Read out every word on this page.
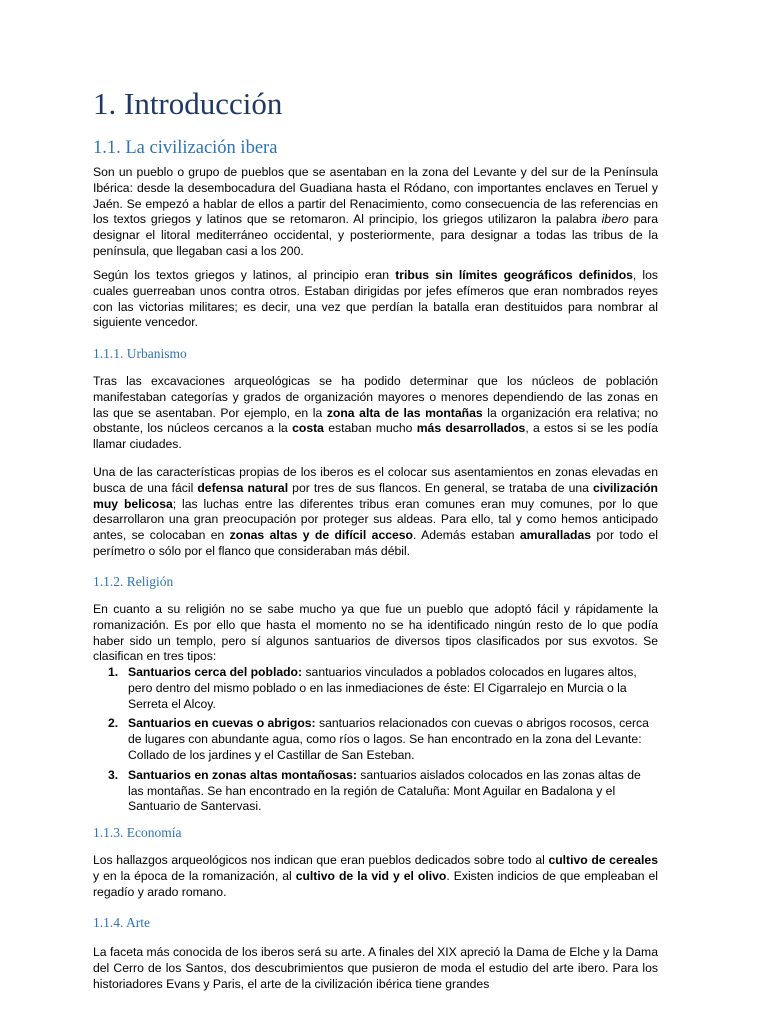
1. Introducción
1.1. La civilización ibera

Son un pueblo o grupo de pueblos que se asentaban en la zona del Levante y del sur de la Península Ibérica: desde la desembocadura del Guadiana hasta el Ródano, con importantes enclaves en Teruel y Jaén. Se empezó a hablar de ellos a partir del Renacimiento, como consecuencia de las referencias en los textos griegos y latinos que se retomaron. Al principio, los griegos utilizaron la palabra ibero para designar el litoral mediterráneo occidental, y posteriormente, para designar a todas las tribus de la península, que llegaban casi a los 200.

Según los textos griegos y latinos, al principio eran tribus sin límites geográficos definidos, los cuales guerreaban unos contra otros. Estaban dirigidas por jefes efímeros que eran nombrados reyes con las victorias militares; es decir, una vez que perdían la batalla eran destituidos para nombrar al siguiente vencedor.

1.1.1. Urbanismo

Tras las excavaciones arqueológicas se ha podido determinar que los núcleos de población manifestaban categorías y grados de organización mayores o menores dependiendo de las zonas en las que se asentaban. Por ejemplo, en la zona alta de las montañas la organización era relativa; no obstante, los núcleos cercanos a la costa estaban mucho más desarrollados, a estos si se les podía llamar ciudades.

Una de las características propias de los iberos es el colocar sus asentamientos en zonas elevadas en busca de una fácil defensa natural por tres de sus flancos. En general, se trataba de una civilización muy belicosa; las luchas entre las diferentes tribus eran comunes eran muy comunes, por lo que desarrollaron una gran preocupación por proteger sus aldeas. Para ello, tal y como hemos anticipado antes, se colocaban en zonas altas y de difícil acceso. Además estaban amuralladas por todo el perímetro o sólo por el flanco que consideraban más débil.

1.1.2. Religión

En cuanto a su religión no se sabe mucho ya que fue un pueblo que adoptó fácil y rápidamente la romanización. Es por ello que hasta el momento no se ha identificado ningún resto de lo que podía haber sido un templo, pero sí algunos santuarios de diversos tipos clasificados por sus exvotos. Se clasifican en tres tipos:

1. Santuarios cerca del poblado: santuarios vinculados a poblados colocados en lugares altos, pero dentro del mismo poblado o en las inmediaciones de éste: El Cigarralejo en Murcia o la Serreta el Alcoy.
2. Santuarios en cuevas o abrigos: santuarios relacionados con cuevas o abrigos rocosos, cerca de lugares con abundante agua, como ríos o lagos. Se han encontrado en la zona del Levante: Collado de los jardines y el Castillar de San Esteban.
3. Santuarios en zonas altas montañosas: santuarios aislados colocados en las zonas altas de las montañas. Se han encontrado en la región de Cataluña: Mont Aguilar en Badalona y el Santuario de Santervasi.
1.1.3. Economía

Los hallazgos arqueológicos nos indican que eran pueblos dedicados sobre todo al cultivo de cereales y en la época de la romanización, al cultivo de la vid y el olivo. Existen indicios de que empleaban el regadío y arado romano.

1.1.4. Arte

La faceta más conocida de los iberos será su arte. A finales del XIX apreció la Dama de Elche y la Dama del Cerro de los Santos, dos descubrimientos que pusieron de moda el estudio del arte ibero. Para los historiadores Evans y Paris, el arte de la civilización ibérica tiene grandes
